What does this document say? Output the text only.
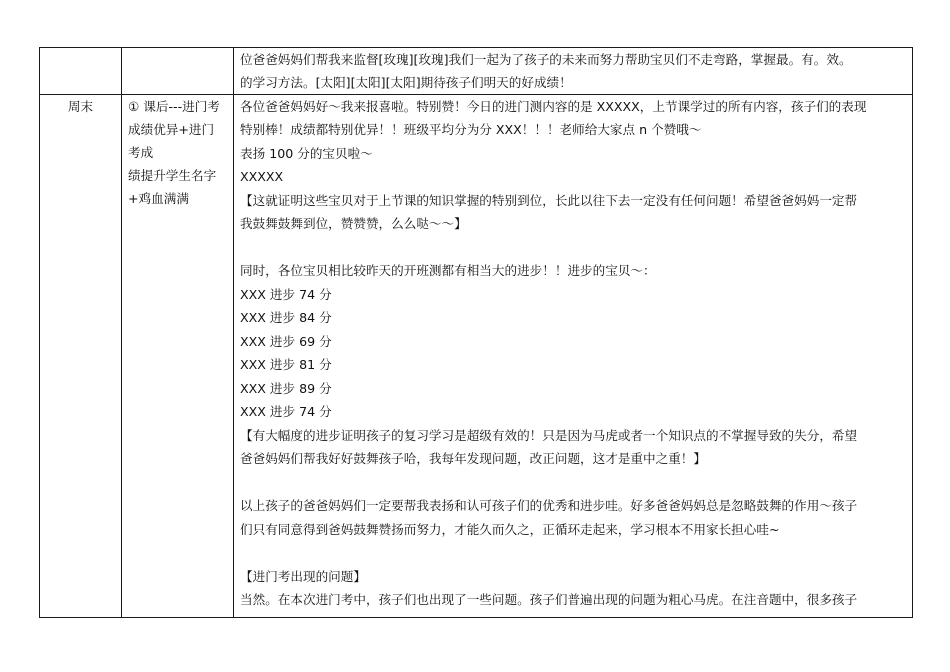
位爸爸妈妈们帮我来监督[玫瑰][玫瑰]我们一起为了孩子的未来而努力帮助宝贝们不走弯路，掌握最。有。效。
的学习方法。[太阳][太阳][太阳]期待孩子们明天的好成绩！
周末	① 课后---进门考
成绩优异+进门
考成
绩提升学生名字
+鸡血满满
各位爸爸妈妈好～我来报喜啦。特别赞！今日的进门测内容的是 XXXXX，上节课学过的所有内容，孩子们的表现
特别棒！成绩都特别优异！！班级平均分为分 XXX！！！老师给大家点 n 个赞哦～
表扬 100 分的宝贝啦～
XXXXX
【这就证明这些宝贝对于上节课的知识掌握的特别到位，长此以往下去一定没有任何问题！希望爸爸妈妈一定帮
我鼓舞鼓舞到位，赞赞赞，么么哒～～】
同时，各位宝贝相比较昨天的开班测都有相当大的进步！！进步的宝贝～：
XXX 进步 74 分
XXX 进步 84 分
XXX 进步 69 分
XXX 进步 81 分
XXX 进步 89 分
XXX 进步 74 分
【有大幅度的进步证明孩子的复习学习是超级有效的！只是因为马虎或者一个知识点的不掌握导致的失分，希望
爸爸妈妈们帮我好好鼓舞孩子哈，我每年发现问题，改正问题，这才是重中之重！】
以上孩子的爸爸妈妈们一定要帮我表扬和认可孩子们的优秀和进步哇。好多爸爸妈妈总是忽略鼓舞的作用～孩子
们只有同意得到爸妈鼓舞赞扬而努力，才能久而久之，正循环走起来，学习根本不用家长担心哇~
【进门考出现的问题】
当然。在本次进门考中，孩子们也出现了一些问题。孩子们普遍出现的问题为粗心马虎。在注音题中，很多孩子
